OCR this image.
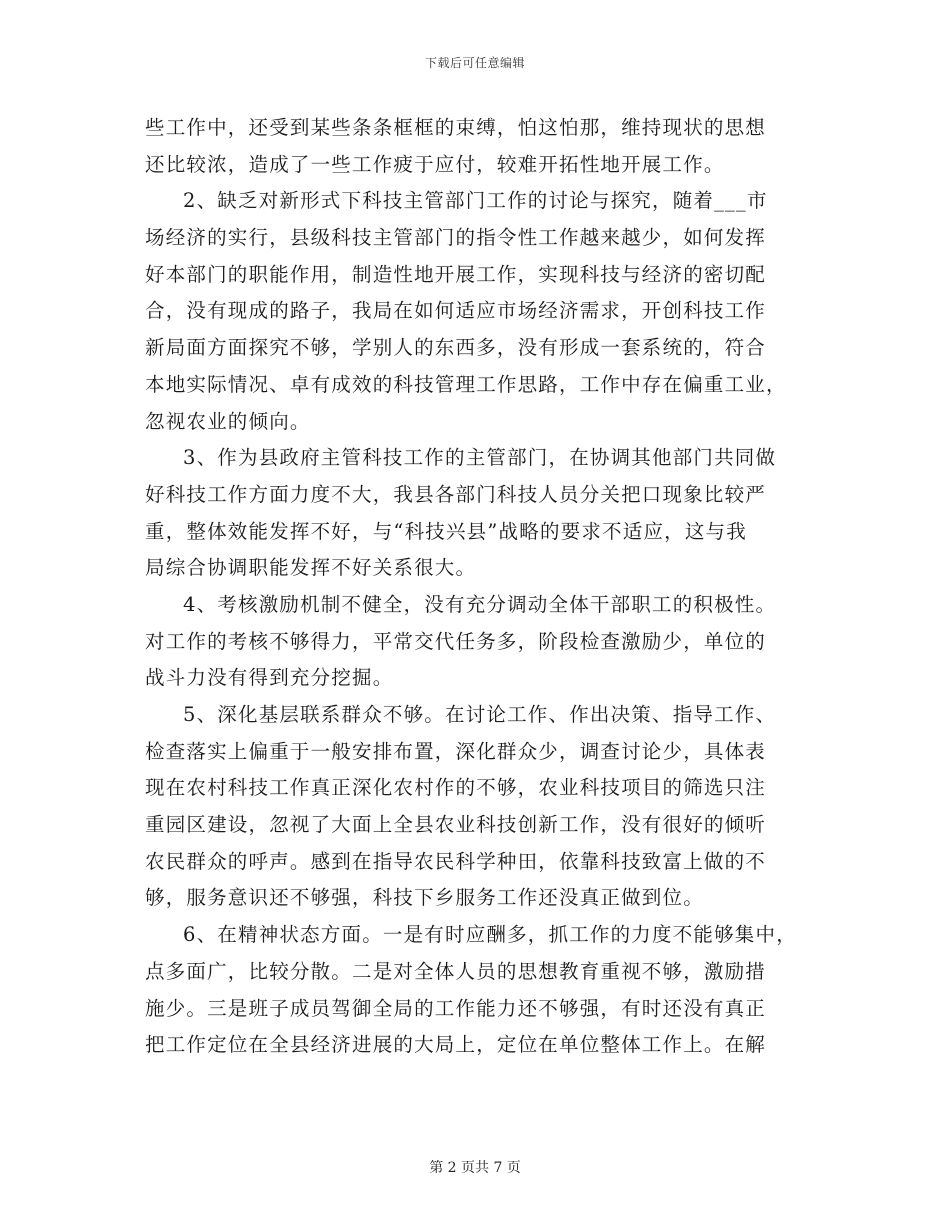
下载后可任意编辑
些工作中，还受到某些条条框框的束缚，怕这怕那，维持现状的思想
还比较浓，造成了一些工作疲于应付，较难开拓性地开展工作。
2、缺乏对新形式下科技主管部门工作的讨论与探究，随着___市
场经济的实行，县级科技主管部门的指令性工作越来越少，如何发挥
好本部门的职能作用，制造性地开展工作，实现科技与经济的密切配
合，没有现成的路子，我局在如何适应市场经济需求，开创科技工作
新局面方面探究不够，学别人的东西多，没有形成一套系统的，符合
本地实际情况、卓有成效的科技管理工作思路，工作中存在偏重工业，
忽视农业的倾向。
3、作为县政府主管科技工作的主管部门，在协调其他部门共同做
好科技工作方面力度不大，我县各部门科技人员分关把口现象比较严
重，整体效能发挥不好，与“科技兴县”战略的要求不适应，这与我
局综合协调职能发挥不好关系很大。
4、考核激励机制不健全，没有充分调动全体干部职工的积极性。
对工作的考核不够得力，平常交代任务多，阶段检查激励少，单位的
战斗力没有得到充分挖掘。
5、深化基层联系群众不够。在讨论工作、作出决策、指导工作、
检查落实上偏重于一般安排布置，深化群众少，调查讨论少，具体表
现在农村科技工作真正深化农村作的不够，农业科技项目的筛选只注
重园区建设，忽视了大面上全县农业科技创新工作，没有很好的倾听
农民群众的呼声。感到在指导农民科学种田，依靠科技致富上做的不
够，服务意识还不够强，科技下乡服务工作还没真正做到位。
6、在精神状态方面。一是有时应酬多，抓工作的力度不能够集中，
点多面广，比较分散。二是对全体人员的思想教育重视不够，激励措
施少。三是班子成员驾御全局的工作能力还不够强，有时还没有真正
把工作定位在全县经济进展的大局上，定位在单位整体工作上。在解
第 2 页共 7 页
